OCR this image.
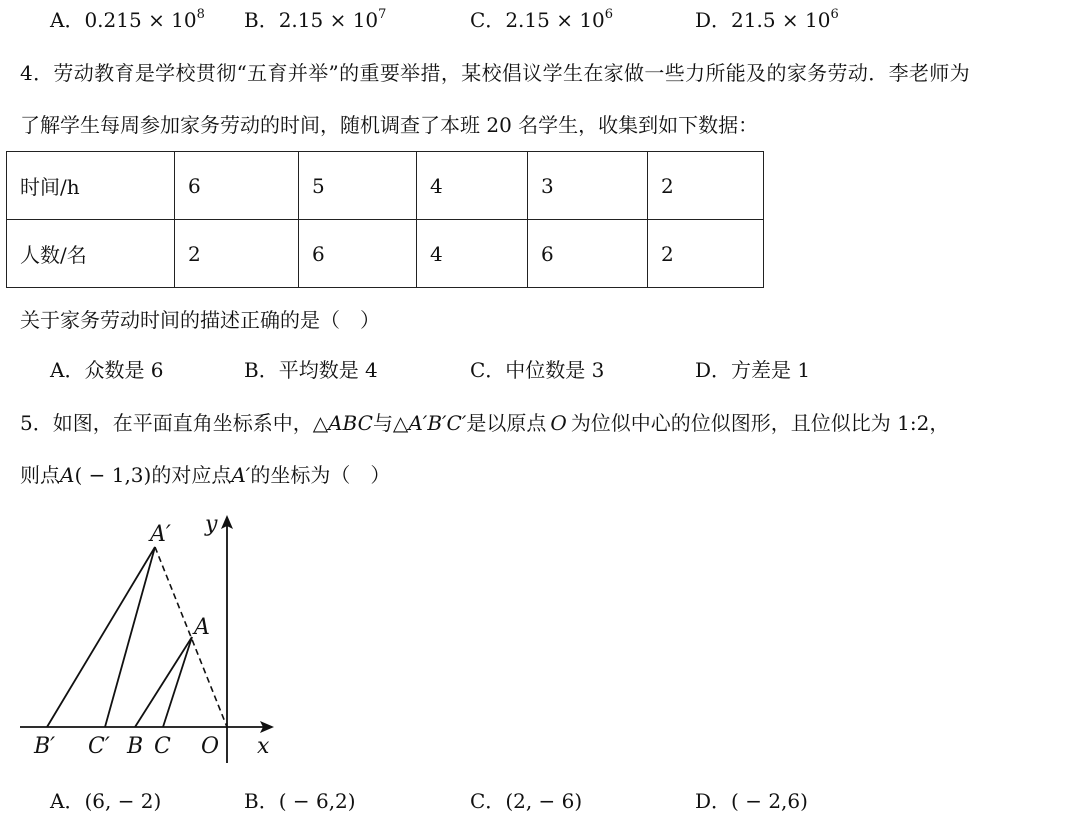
A．$0.215 \times 10^8$ B．$2.15 \times 10^7$	C．$2.15 \times 10^6$	D．$21.5 \times 10^6$
4．劳动教育是学校贯彻“五育并举”的重要举措，某校倡议学生在家做一些力所能及的家务劳动．李老师为
了解学生每周参加家务劳动的时间，随机调查了本班 20 名学生，收集到如下数据：
时间/h	6	5	4	3	2
人数/名	2	6	4	6	2
关于家务劳动时间的描述正确的是（　）
A．众数是 6	B．平均数是 4	C．中位数是 3	D．方差是 1
5．如图，在平面直角坐标系中，△ABC与△A′B′C′是以原点 O 为位似中心的位似图形，且位似比为 1:2，
则点A( − 1,3)的对应点A′的坐标为（　）
A′
A
y
x
B′ C′ B C O
A．(6, − 2)	B．( − 6,2)	C．(2, − 6)	D．( − 2,6)
